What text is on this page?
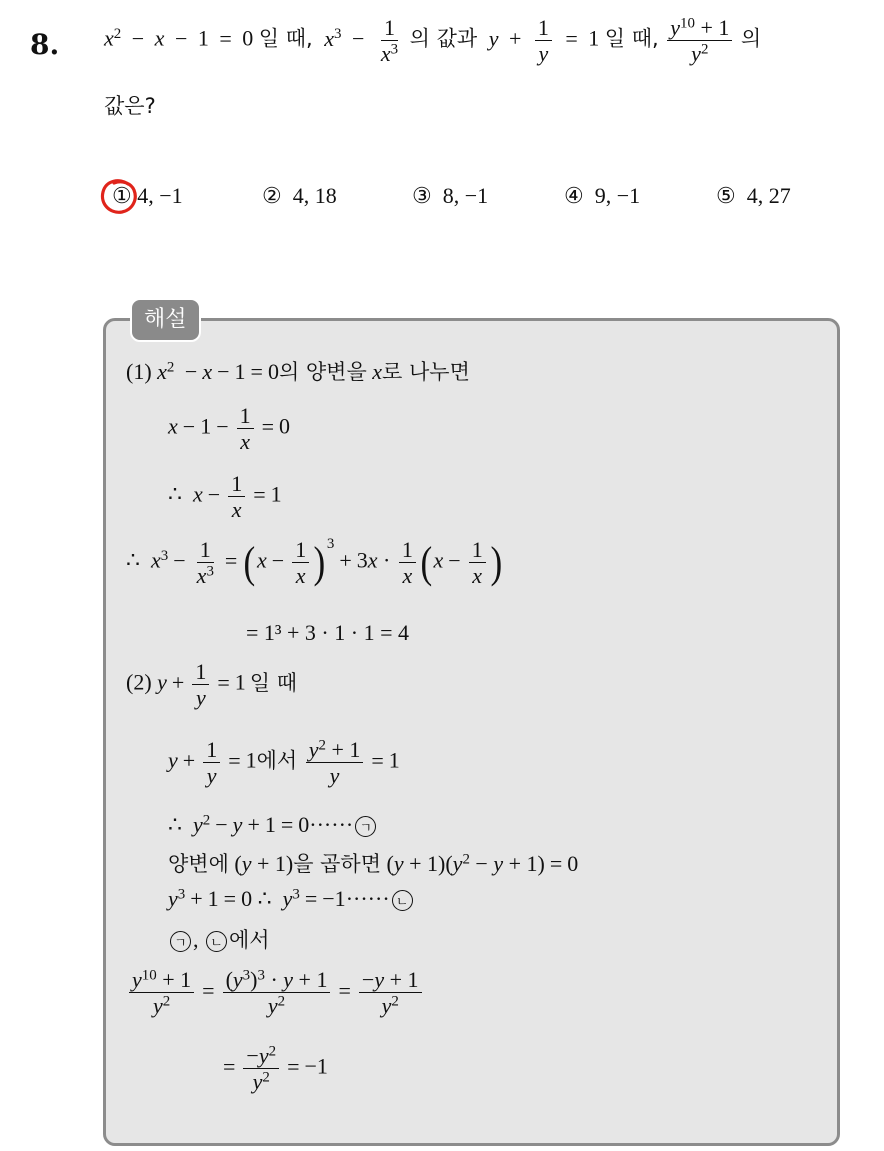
8. $x^2 - x - 1 = 0$ 일 때, $x^3 - \frac{1}{x^3}$ 의 값과 $y + \frac{1}{y} = 1$ 일 때, $\frac{y^{10} + 1}{y^2}$ 의
값은?
① 4, −1	② 4, 18	③ 8, −1	④ 9, −1	⑤ 4, 27
해설
(1) $x^2 - x - 1 = 0$의 양변을 x로 나누면
$x - 1 - \frac{1}{x} = 0$
∴ $x - \frac{1}{x} = 1$
∴ $x^3 - \frac{1}{x^3} = (x - \frac{1}{x} )^3+ 3x \cdot \frac{1}{x} (x - \frac{1}{x}$ )
= 1³ + 3 · 1 · 1 = 4
(2) $y + \frac{1}{y} = 1$ 일 때
$y + \frac{1}{y} = 1$에서 $\frac{y^2 + 1}{y} = 1$
∴ $y^2 - y + 1 = 0\cdot\cdot\cdot\cdot\cdot\cdot$ ㄱ
양변에 (y + 1)을 곱하면 $(y + 1)(y^2 - y + 1) = 0$
$y^3 + 1 = 0$ ∴ $y^3 = -1\cdot\cdot\cdot\cdot\cdot\cdot$ ㄴ
ㄱ , ㄴ 에서
$\frac{y^{10} + 1}{y^2} = \frac{(y^3)^3 \cdot y + 1}{y^2} = \frac{-y + 1}{y^2}$
= $\frac{-y^2}{y^2} = -1$
